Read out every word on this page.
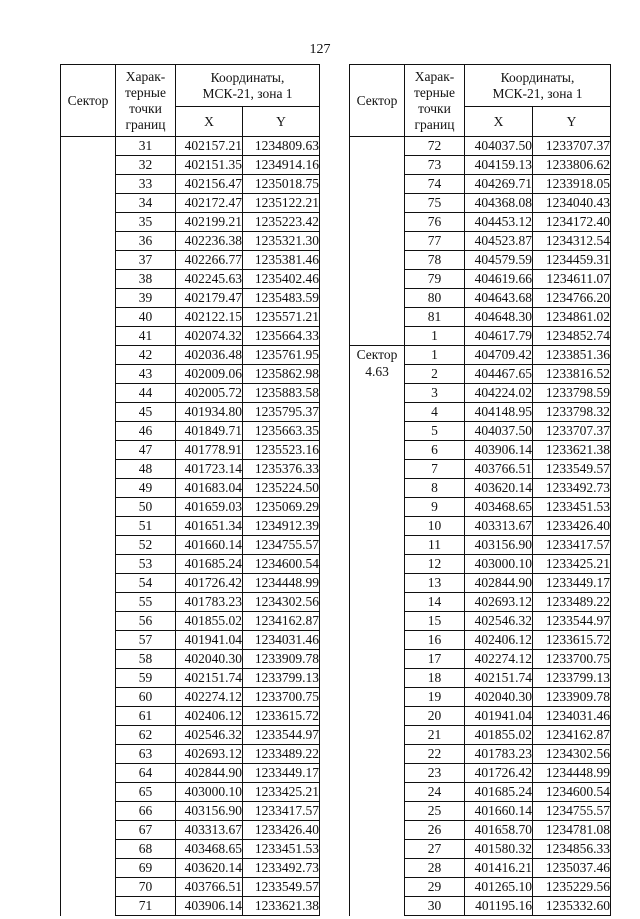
127
Сектор	Харак-
терные
точки
границ	Координаты,
МСК-21, зона 1	
		X	Y
	31	402157.21	1234809.63
	32	402151.35	1234914.16
	33	402156.47	1235018.75
	34	402172.47	1235122.21
	35	402199.21	1235223.42
	36	402236.38	1235321.30
	37	402266.77	1235381.46
	38	402245.63	1235402.46
	39	402179.47	1235483.59
	40	402122.15	1235571.21
	41	402074.32	1235664.33
	42	402036.48	1235761.95
	43	402009.06	1235862.98
	44	402005.72	1235883.58
	45	401934.80	1235795.37
	46	401849.71	1235663.35
	47	401778.91	1235523.16
	48	401723.14	1235376.33
	49	401683.04	1235224.50
	50	401659.03	1235069.29
	51	401651.34	1234912.39
	52	401660.14	1234755.57
	53	401685.24	1234600.54
	54	401726.42	1234448.99
	55	401783.23	1234302.56
	56	401855.02	1234162.87
	57	401941.04	1234031.46
	58	402040.30	1233909.78
	59	402151.74	1233799.13
	60	402274.12	1233700.75
	61	402406.12	1233615.72
	62	402546.32	1233544.97
	63	402693.12	1233489.22
	64	402844.90	1233449.17
	65	403000.10	1233425.21
	66	403156.90	1233417.57
	67	403313.67	1233426.40
	68	403468.65	1233451.53
	69	403620.14	1233492.73
	70	403766.51	1233549.57
	71	403906.14	1233621.38
Сектор	Харак-
терные
точки
границ	Координаты,
МСК-21, зона 1	
		X	Y
	72	404037.50	1233707.37
	73	404159.13	1233806.62
	74	404269.71	1233918.05
	75	404368.08	1234040.43
	76	404453.12	1234172.40
	77	404523.87	1234312.54
	78	404579.59	1234459.31
	79	404619.66	1234611.07
	80	404643.68	1234766.20
	81	404648.30	1234861.02
	1	404617.79	1234852.74
Сектор
4.63	1	404709.42	1233851.36
	2	404467.65	1233816.52
	3	404224.02	1233798.59
	4	404148.95	1233798.32
	5	404037.50	1233707.37
	6	403906.14	1233621.38
	7	403766.51	1233549.57
	8	403620.14	1233492.73
	9	403468.65	1233451.53
	10	403313.67	1233426.40
	11	403156.90	1233417.57
	12	403000.10	1233425.21
	13	402844.90	1233449.17
	14	402693.12	1233489.22
	15	402546.32	1233544.97
	16	402406.12	1233615.72
	17	402274.12	1233700.75
	18	402151.74	1233799.13
	19	402040.30	1233909.78
	20	401941.04	1234031.46
	21	401855.02	1234162.87
	22	401783.23	1234302.56
	23	401726.42	1234448.99
	24	401685.24	1234600.54
	25	401660.14	1234755.57
	26	401658.70	1234781.08
	27	401580.32	1234856.33
	28	401416.21	1235037.46
	29	401265.10	1235229.56
	30	401195.16	1235332.60
